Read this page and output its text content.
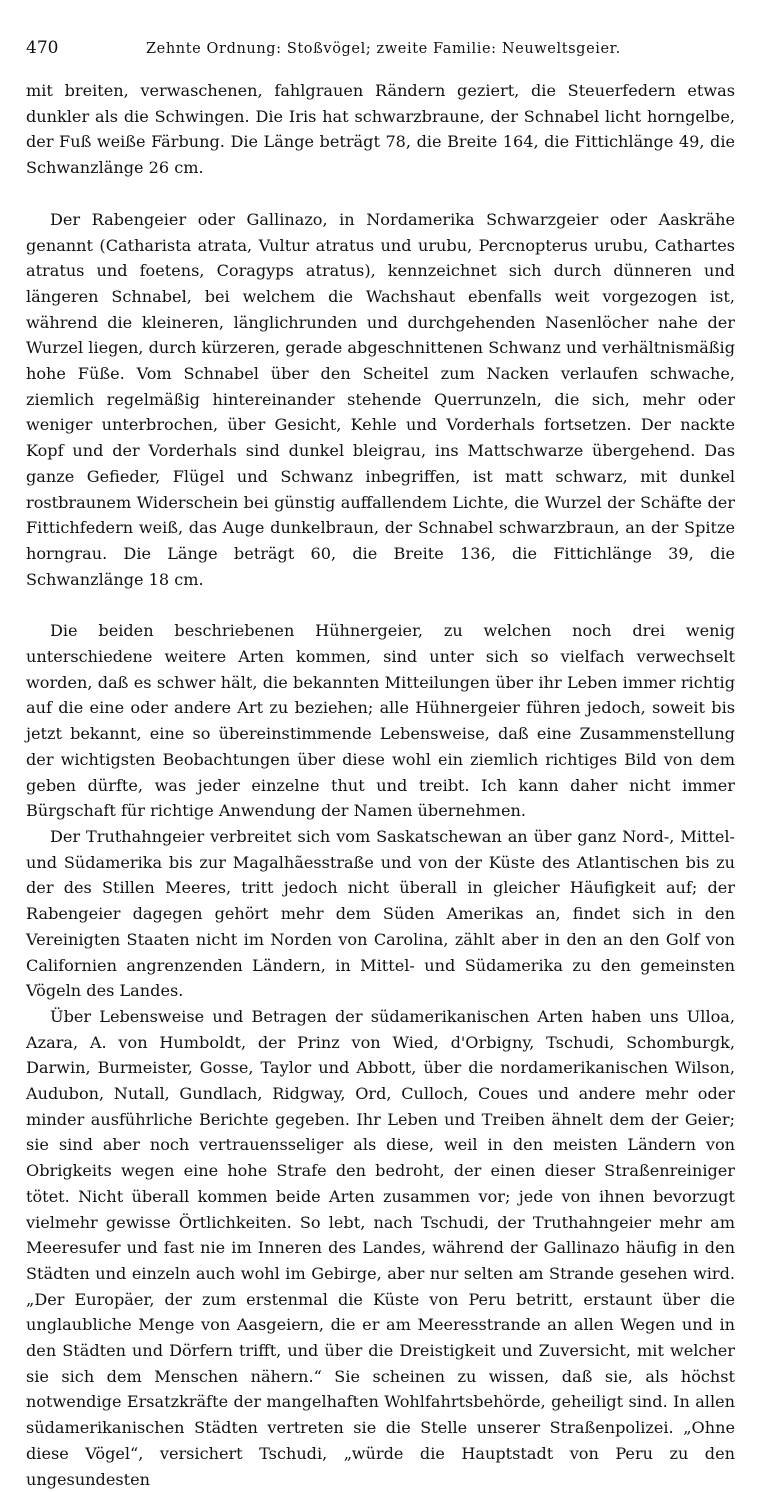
470	Zehnte Ordnung: Stoßvögel; zweite Familie: Neuweltsgeier.

mit breiten, verwaschenen, fahlgrauen Rändern geziert, die Steuerfedern etwas dunkler als die Schwingen. Die Iris hat schwarzbraune, der Schnabel licht horngelbe, der Fuß weiße Färbung. Die Länge beträgt 78, die Breite 164, die Fittichlänge 49, die Schwanzlänge 26 cm.

Der Rabengeier oder Gallinazo, in Nordamerika Schwarzgeier oder Aaskrähe genannt (Catharista atrata, Vultur atratus und urubu, Percnopterus urubu, Cathartes atratus und foetens, Coragyps atratus), kennzeichnet sich durch dünneren und längeren Schnabel, bei welchem die Wachshaut ebenfalls weit vorgezogen ist, während die kleineren, länglichrunden und durchgehenden Nasenlöcher nahe der Wurzel liegen, durch kürzeren, gerade abgeschnittenen Schwanz und verhältnismäßig hohe Füße. Vom Schnabel über den Scheitel zum Nacken verlaufen schwache, ziemlich regelmäßig hintereinander stehende Querrunzeln, die sich, mehr oder weniger unterbrochen, über Gesicht, Kehle und Vorderhals fortsetzen. Der nackte Kopf und der Vorderhals sind dunkel bleigrau, ins Mattschwarze übergehend. Das ganze Gefieder, Flügel und Schwanz inbegriffen, ist matt schwarz, mit dunkel rostbraunem Widerschein bei günstig auffallendem Lichte, die Wurzel der Schäfte der Fittichfedern weiß, das Auge dunkelbraun, der Schnabel schwarzbraun, an der Spitze horngrau. Die Länge beträgt 60, die Breite 136, die Fittichlänge 39, die Schwanzlänge 18 cm.

Die beiden beschriebenen Hühnergeier, zu welchen noch drei wenig unterschiedene weitere Arten kommen, sind unter sich so vielfach verwechselt worden, daß es schwer hält, die bekannten Mitteilungen über ihr Leben immer richtig auf die eine oder andere Art zu beziehen; alle Hühnergeier führen jedoch, soweit bis jetzt bekannt, eine so übereinstimmende Lebensweise, daß eine Zusammenstellung der wichtigsten Beobachtungen über diese wohl ein ziemlich richtiges Bild von dem geben dürfte, was jeder einzelne thut und treibt. Ich kann daher nicht immer Bürgschaft für richtige Anwendung der Namen übernehmen.

Der Truthahngeier verbreitet sich vom Saskatschewan an über ganz Nord-, Mittel- und Südamerika bis zur Magalhãesstraße und von der Küste des Atlantischen bis zu der des Stillen Meeres, tritt jedoch nicht überall in gleicher Häufigkeit auf; der Rabengeier dagegen gehört mehr dem Süden Amerikas an, findet sich in den Vereinigten Staaten nicht im Norden von Carolina, zählt aber in den an den Golf von Californien angrenzenden Ländern, in Mittel- und Südamerika zu den gemeinsten Vögeln des Landes.

Über Lebensweise und Betragen der südamerikanischen Arten haben uns Ulloa, Azara, A. von Humboldt, der Prinz von Wied, d'Orbigny, Tschudi, Schomburgk, Darwin, Burmeister, Gosse, Taylor und Abbott, über die nordamerikanischen Wilson, Audubon, Nutall, Gundlach, Ridgway, Ord, Culloch, Coues und andere mehr oder minder ausführliche Berichte gegeben. Ihr Leben und Treiben ähnelt dem der Geier; sie sind aber noch vertrauensseliger als diese, weil in den meisten Ländern von Obrigkeits wegen eine hohe Strafe den bedroht, der einen dieser Straßenreiniger tötet. Nicht überall kommen beide Arten zusammen vor; jede von ihnen bevorzugt vielmehr gewisse Örtlichkeiten. So lebt, nach Tschudi, der Truthahngeier mehr am Meeresufer und fast nie im Inneren des Landes, während der Gallinazo häufig in den Städten und einzeln auch wohl im Gebirge, aber nur selten am Strande gesehen wird. „Der Europäer, der zum erstenmal die Küste von Peru betritt, erstaunt über die unglaubliche Menge von Aasgeiern, die er am Meeresstrande an allen Wegen und in den Städten und Dörfern trifft, und über die Dreistigkeit und Zuversicht, mit welcher sie sich dem Menschen nähern.“ Sie scheinen zu wissen, daß sie, als höchst notwendige Ersatzkräfte der mangelhaften Wohlfahrtsbehörde, geheiligt sind. In allen südamerikanischen Städten vertreten sie die Stelle unserer Straßenpolizei. „Ohne diese Vögel“, versichert Tschudi, „würde die Hauptstadt von Peru zu den ungesundesten
